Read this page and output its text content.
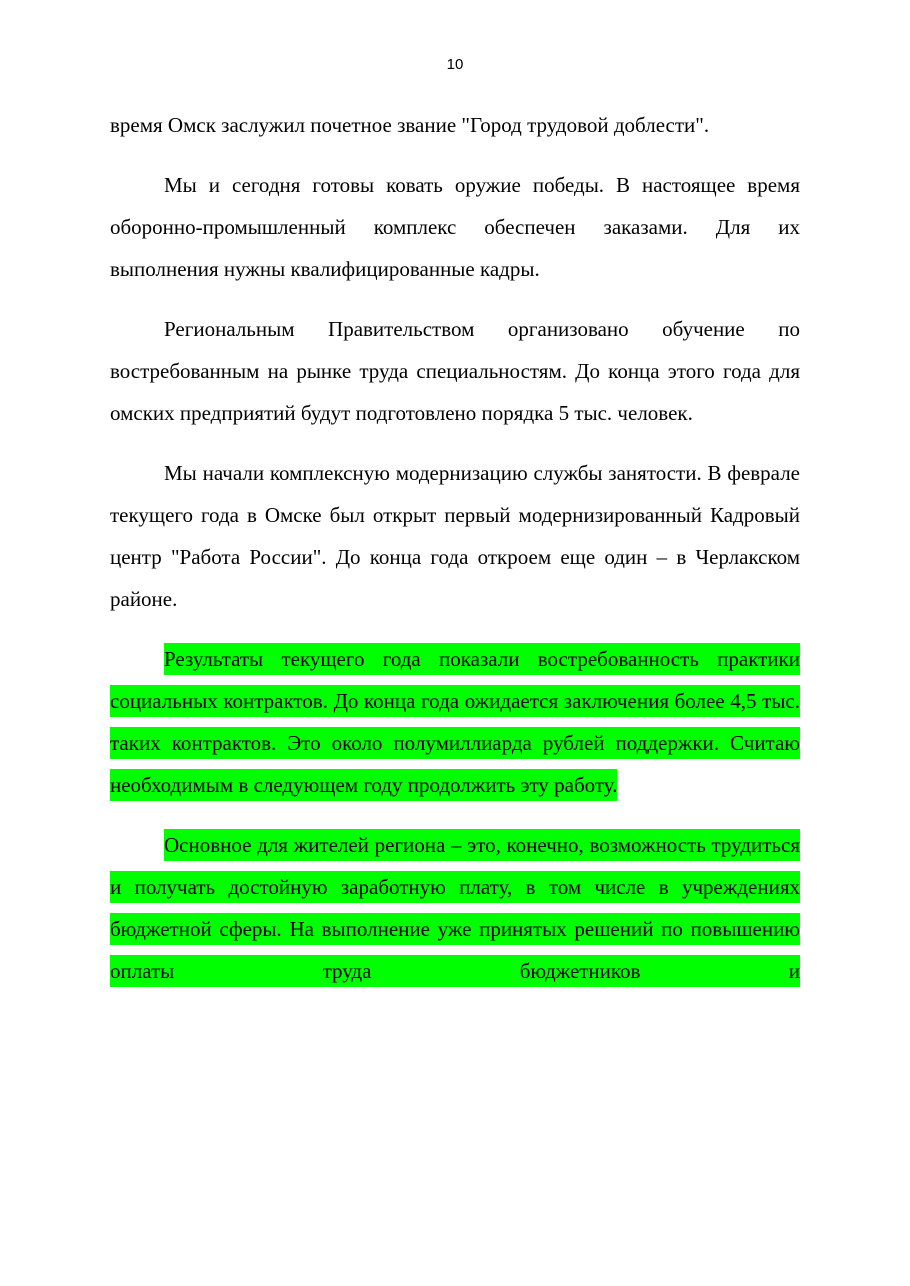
10

время Омск заслужил почетное звание "Город трудовой доблести".

Мы и сегодня готовы ковать оружие победы. В настоящее время оборонно-промышленный комплекс обеспечен заказами. Для их выполнения нужны квалифицированные кадры.

Региональным Правительством организовано обучение по востребованным на рынке труда специальностям. До конца этого года для омских предприятий будут подготовлено порядка 5 тыс. человек.

Мы начали комплексную модернизацию службы занятости. В феврале текущего года в Омске был открыт первый модернизированный Кадровый центр "Работа России". До конца года откроем еще один – в Черлакском районе.

Результаты текущего года показали востребованность практики социальных контрактов. До конца года ожидается заключения более 4,5 тыс. таких контрактов. Это около полумиллиарда рублей поддержки. Считаю необходимым в следующем году продолжить эту работу.

Основное для жителей региона – это, конечно, возможность трудиться и получать достойную заработную плату, в том числе в учреждениях бюджетной сферы. На выполнение уже принятых решений по повышению оплаты труда бюджетников и
